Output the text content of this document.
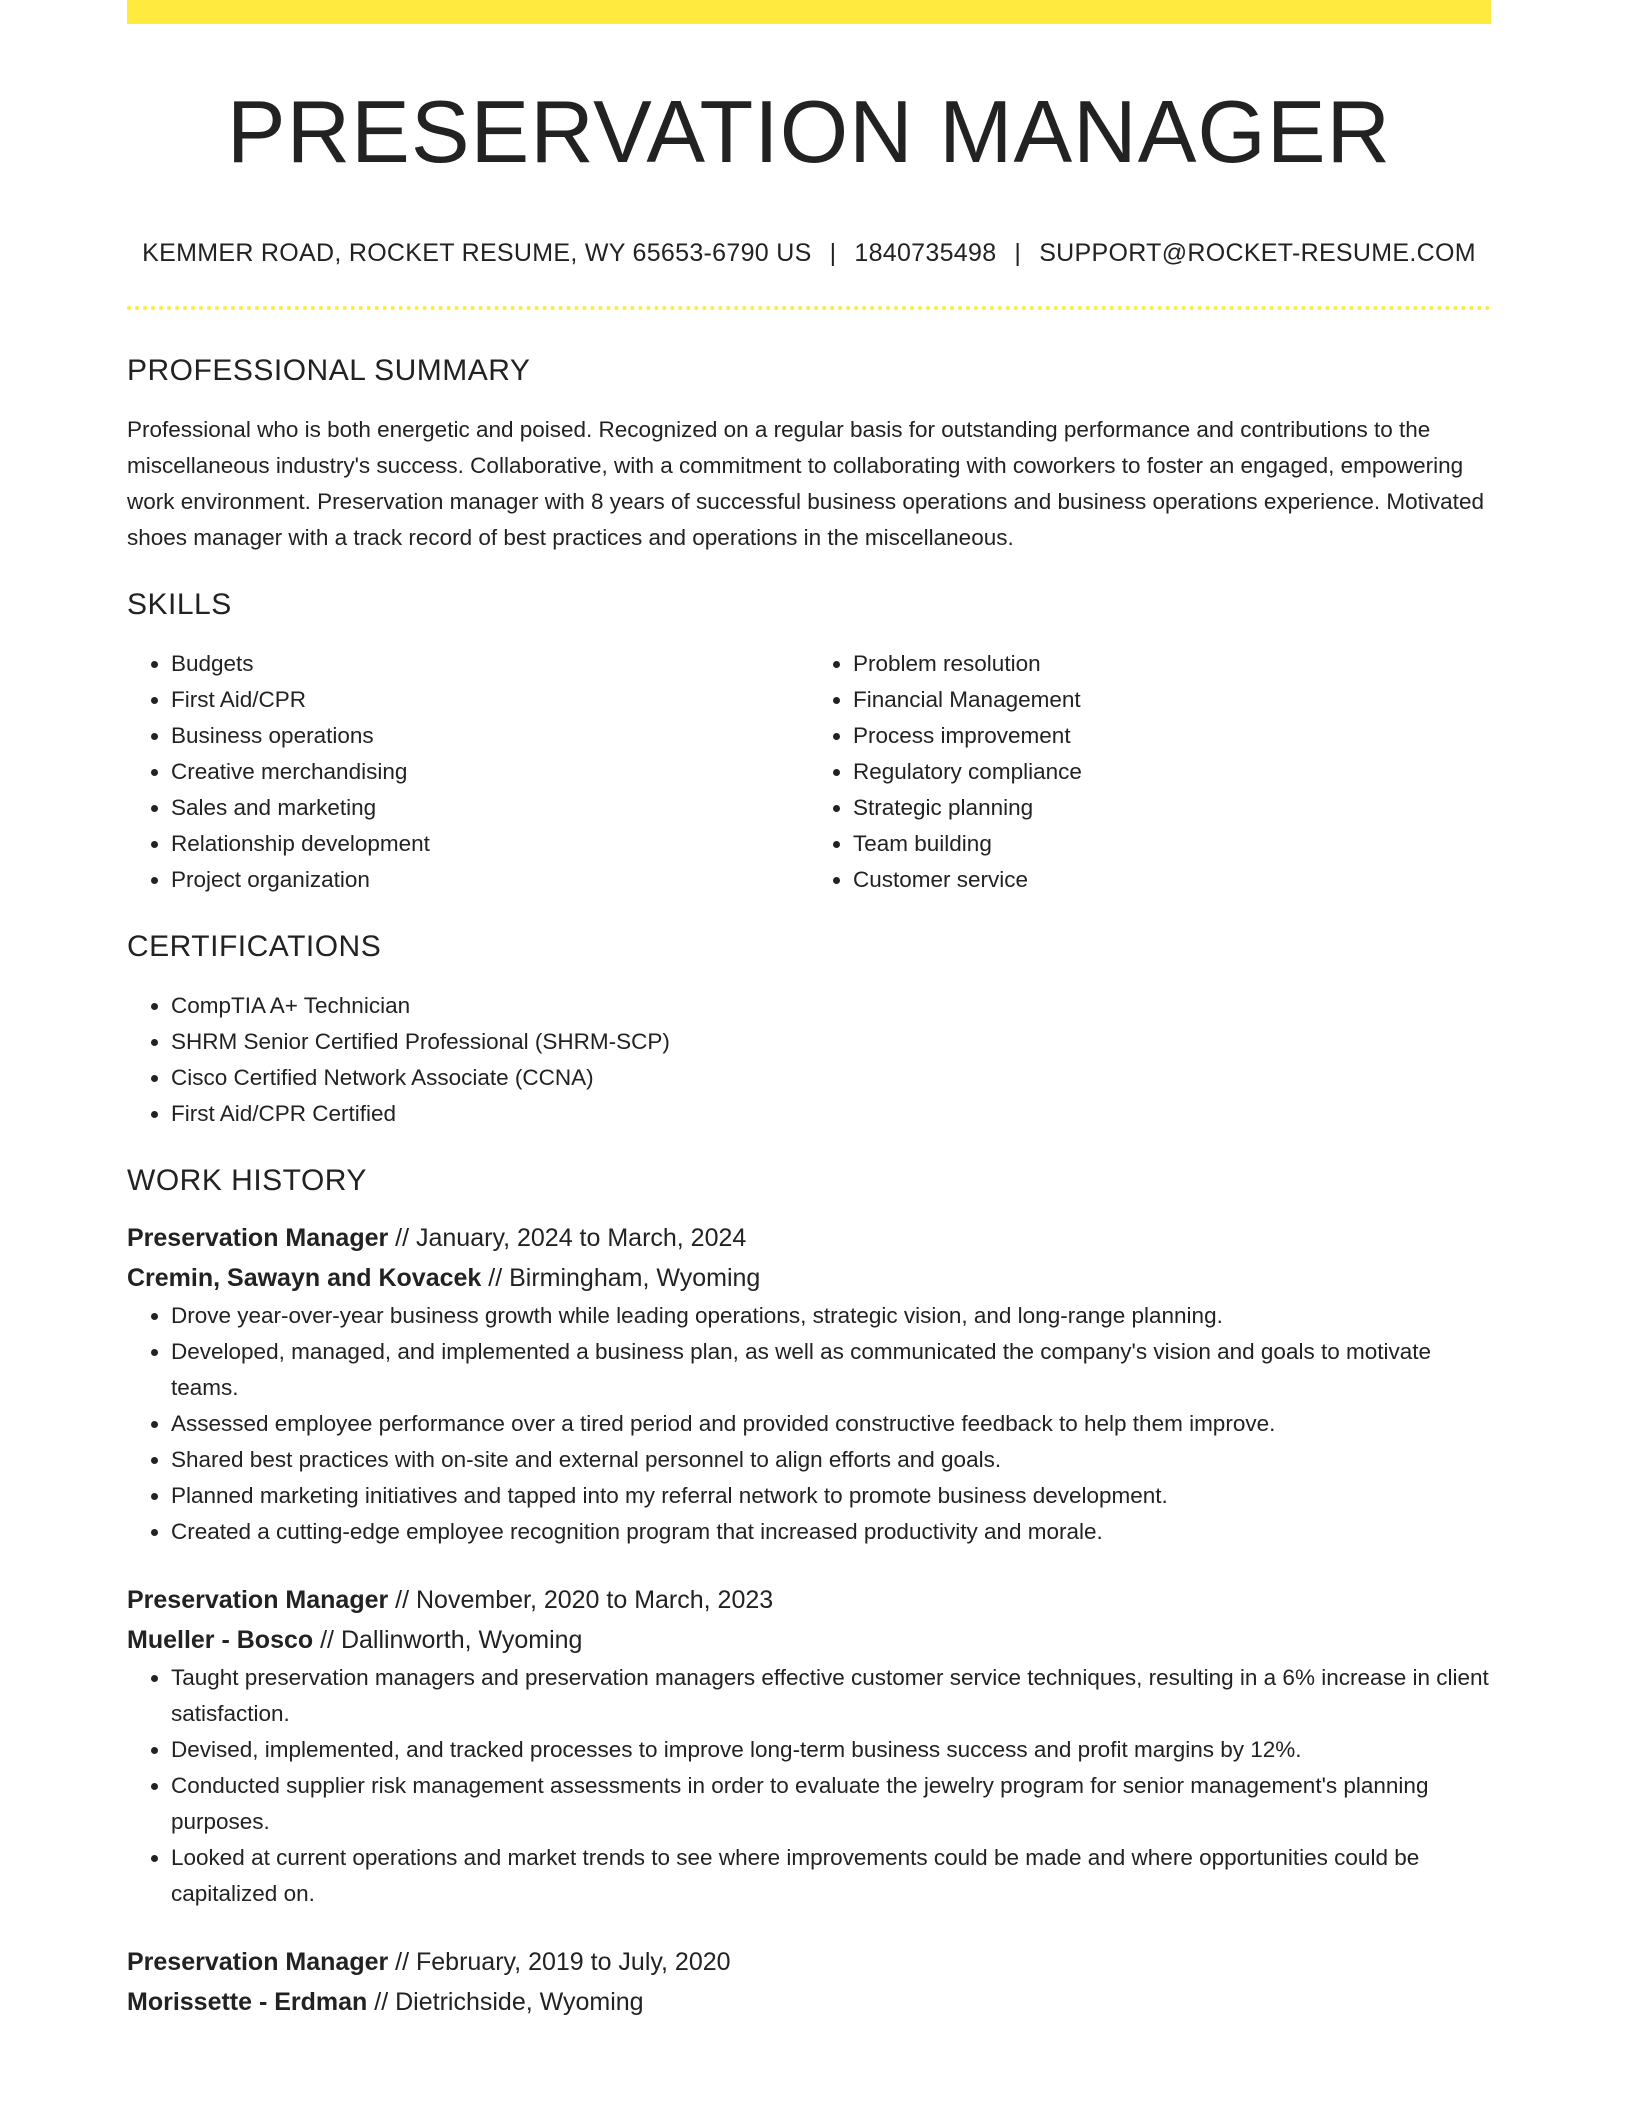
PRESERVATION MANAGER
KEMMER ROAD, ROCKET RESUME, WY 65653-6790 US | 1840735498 | SUPPORT@ROCKET-RESUME.COM
PROFESSIONAL SUMMARY

Professional who is both energetic and poised. Recognized on a regular basis for outstanding performance and contributions to the miscellaneous industry's success. Collaborative, with a commitment to collaborating with coworkers to foster an engaged, empowering work environment. Preservation manager with 8 years of successful business operations and business operations experience. Motivated shoes manager with a track record of best practices and operations in the miscellaneous.

SKILLS
• Budgets
• First Aid/CPR
• Business operations
• Creative merchandising
• Sales and marketing
• Relationship development
• Project organization
• Problem resolution
• Financial Management
• Process improvement
• Regulatory compliance
• Strategic planning
• Team building
• Customer service
CERTIFICATIONS
• CompTIA A+ Technician
• SHRM Senior Certified Professional (SHRM-SCP)
• Cisco Certified Network Associate (CCNA)
• First Aid/CPR Certified
WORK HISTORY
Preservation Manager // January, 2024 to March, 2024
Cremin, Sawayn and Kovacek // Birmingham, Wyoming
• Drove year-over-year business growth while leading operations, strategic vision, and long-range planning.
• Developed, managed, and implemented a business plan, as well as communicated the company's vision and goals to motivate teams.
• Assessed employee performance over a tired period and provided constructive feedback to help them improve.
• Shared best practices with on-site and external personnel to align efforts and goals.
• Planned marketing initiatives and tapped into my referral network to promote business development.
• Created a cutting-edge employee recognition program that increased productivity and morale.
Preservation Manager // November, 2020 to March, 2023
Mueller - Bosco // Dallinworth, Wyoming
• Taught preservation managers and preservation managers effective customer service techniques, resulting in a 6% increase in client satisfaction.
• Devised, implemented, and tracked processes to improve long-term business success and profit margins by 12%.
• Conducted supplier risk management assessments in order to evaluate the jewelry program for senior management's planning purposes.
• Looked at current operations and market trends to see where improvements could be made and where opportunities could be capitalized on.
Preservation Manager // February, 2019 to July, 2020
Morissette - Erdman // Dietrichside, Wyoming
